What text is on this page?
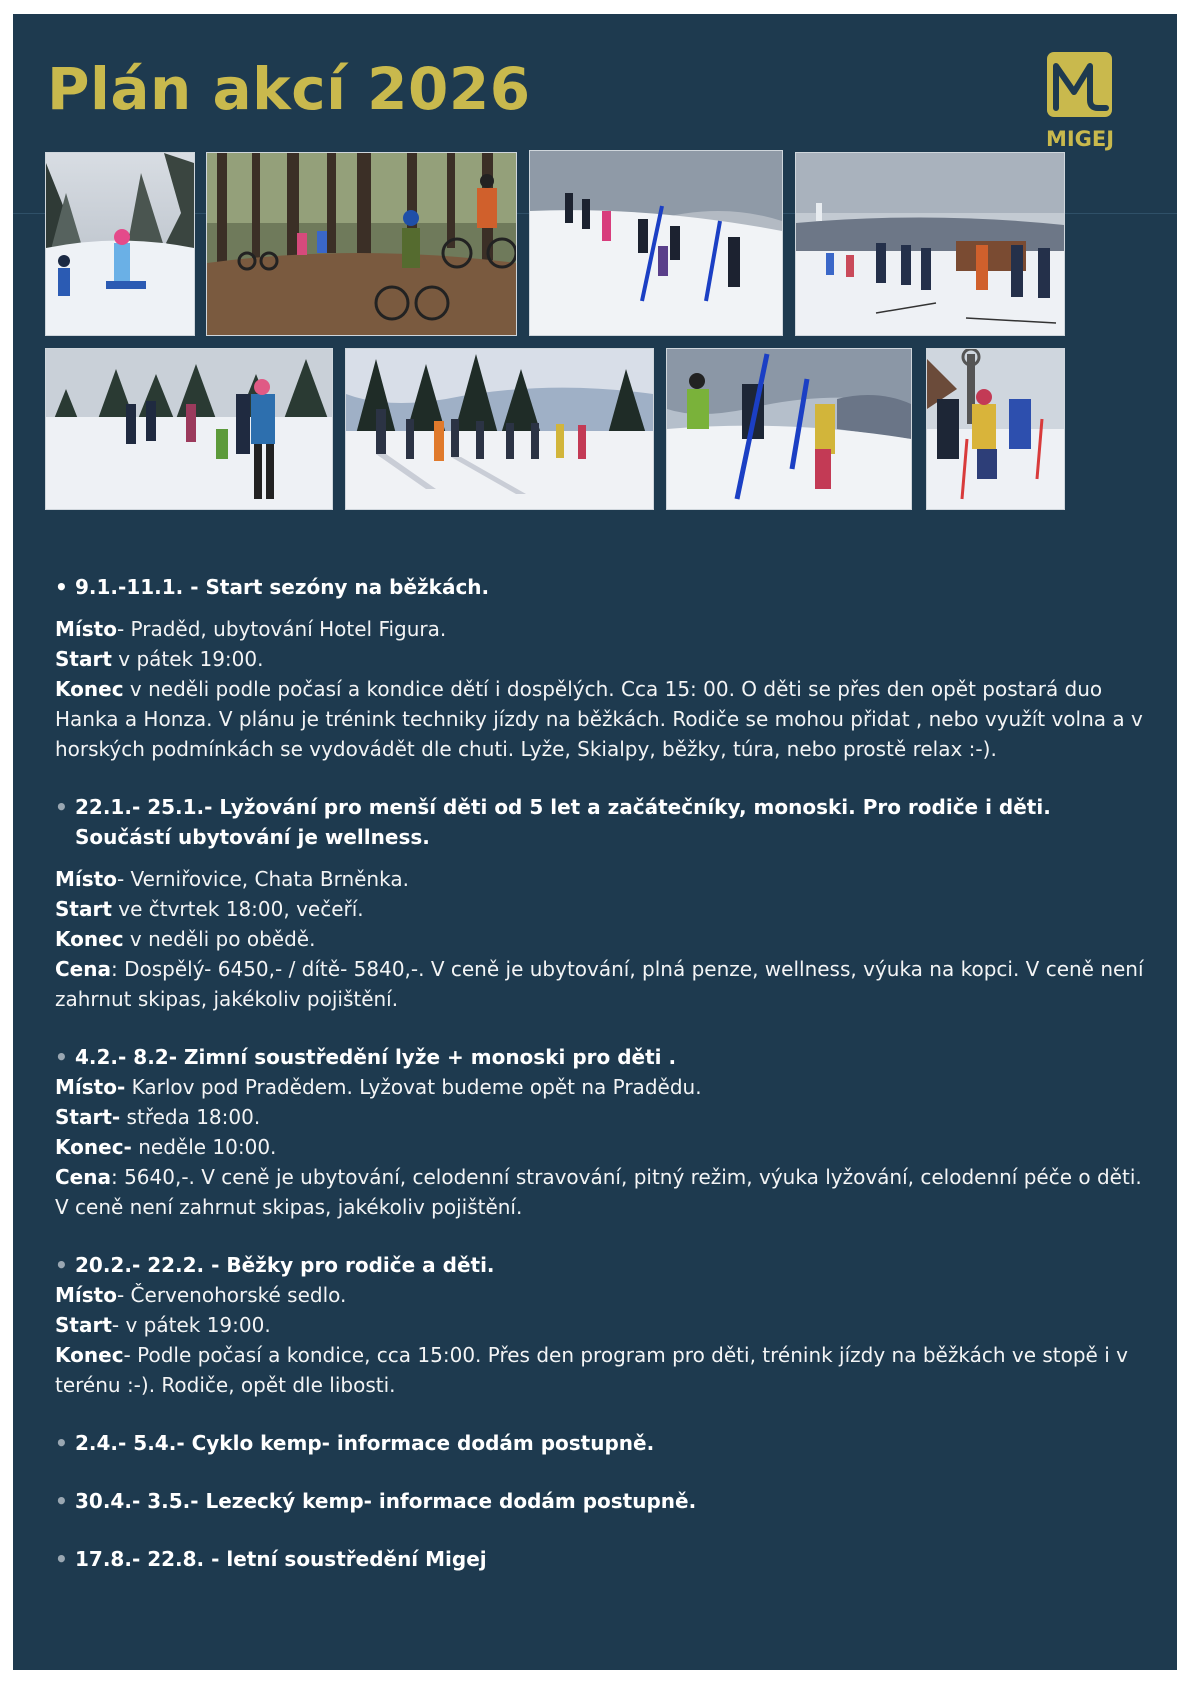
Plán akcí 2026
MIGEJ

• 9.1.-11.1. - Start sezóny na běžkách.

Místo- Praděd, ubytování Hotel Figura.

Start v pátek 19:00.

Konec v neděli podle počasí a kondice dětí i dospělých. Cca 15: 00. O děti se přes den opět postará duo Hanka a Honza. V plánu je trénink techniky jízdy na běžkách. Rodiče se mohou přidat , nebo využít volna a v horských podmínkách se vydovádět dle chuti. Lyže, Skialpy, běžky, túra, nebo prostě relax :-).

• 22.1.- 25.1.- Lyžování pro menší děti od 5 let a začátečníky, monoski. Pro rodiče i děti. Součástí ubytování je wellness.

Místo- Verniřovice, Chata Brněnka.

Start ve čtvrtek 18:00, večeří.

Konec v neděli po obědě.

Cena: Dospělý- 6450,- / dítě- 5840,-. V ceně je ubytování, plná penze, wellness, výuka na kopci. V ceně není zahrnut skipas, jakékoliv pojištění.

• 4.2.- 8.2- Zimní soustředění lyže + monoski pro děti .

Místo- Karlov pod Pradědem. Lyžovat budeme opět na Pradědu.

Start- středa 18:00.

Konec- neděle 10:00.

Cena: 5640,-. V ceně je ubytování, celodenní stravování, pitný režim, výuka lyžování, celodenní péče o děti. V ceně není zahrnut skipas, jakékoliv pojištění.

• 20.2.- 22.2. - Běžky pro rodiče a děti.

Místo- Červenohorské sedlo.

Start- v pátek 19:00.

Konec- Podle počasí a kondice, cca 15:00. Přes den program pro děti, trénink jízdy na běžkách ve stopě i v terénu :-). Rodiče, opět dle libosti.

• 2.4.- 5.4.- Cyklo kemp- informace dodám postupně.

• 30.4.- 3.5.- Lezecký kemp- informace dodám postupně.

• 17.8.- 22.8. - letní soustředění Migej
